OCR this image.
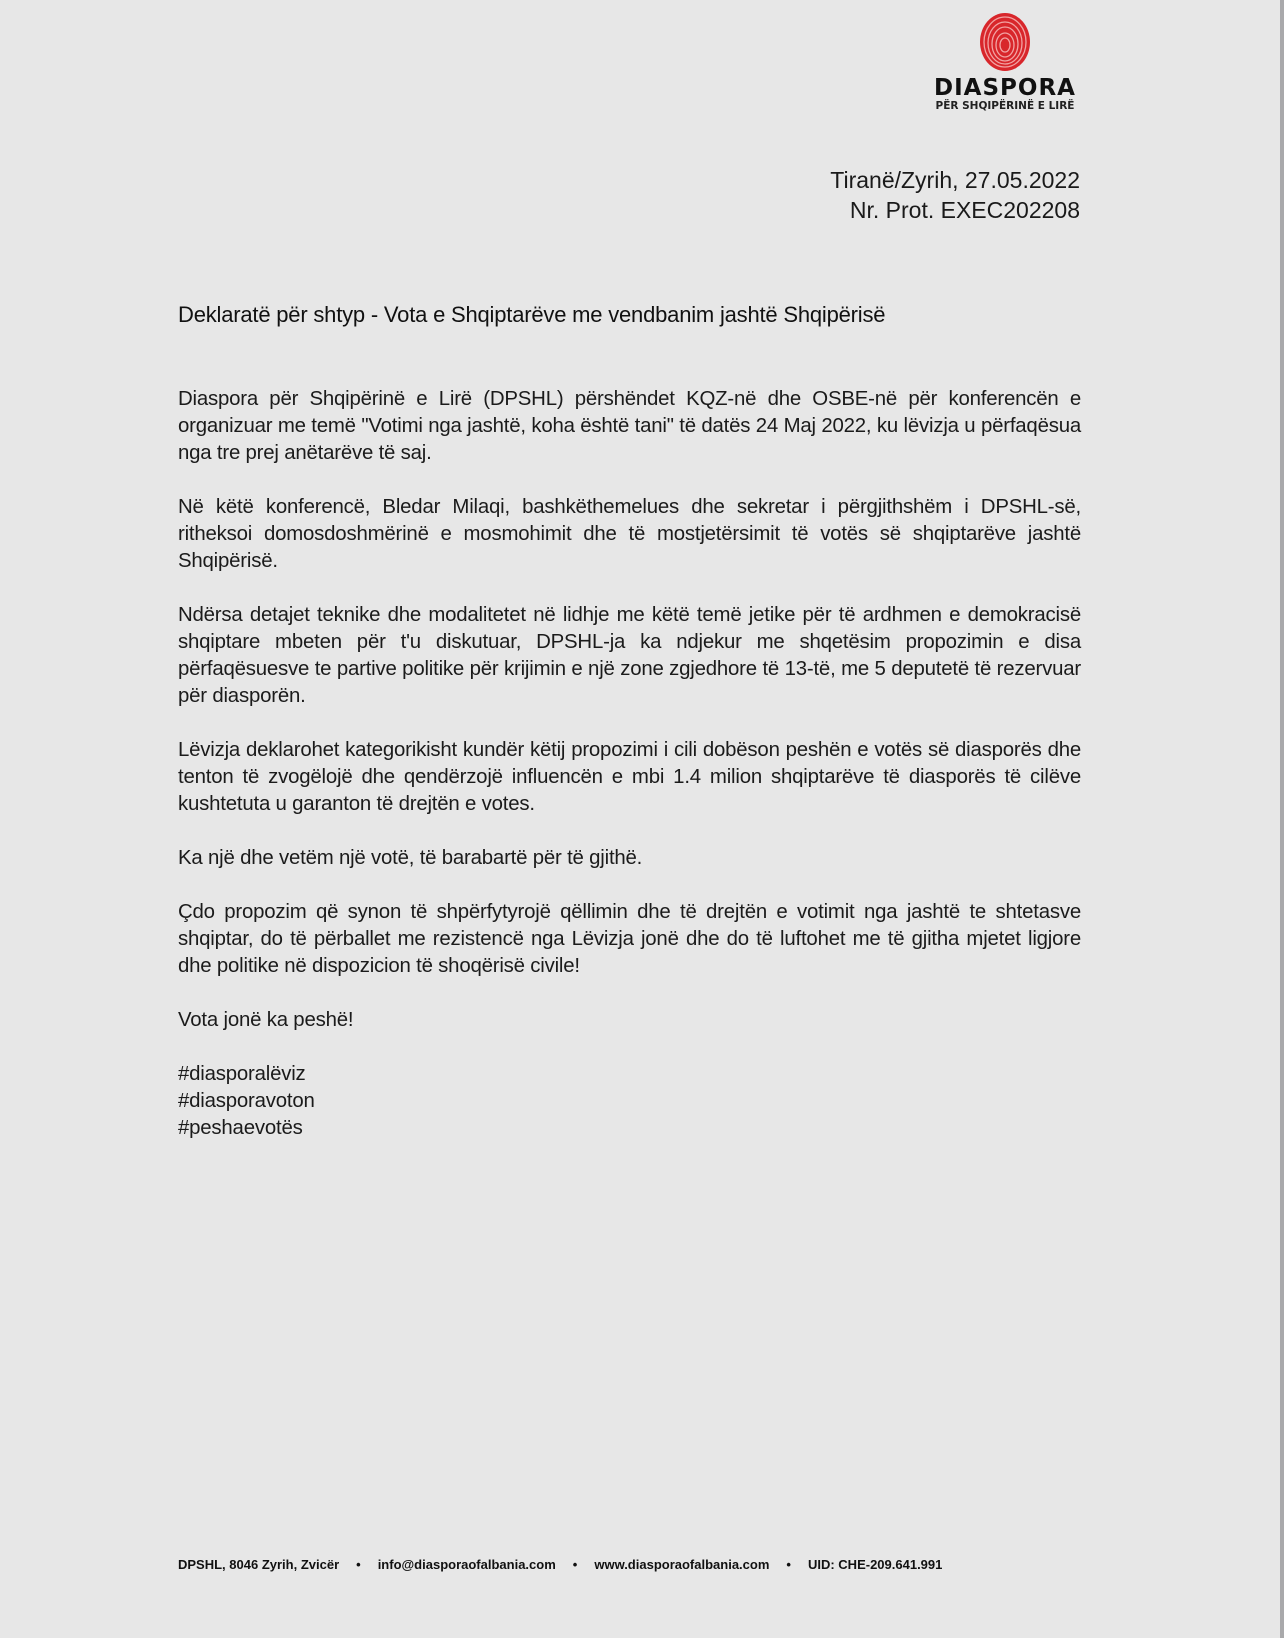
DIASPORA
PËR SHQIPËRINË E LIRË
Tiranë/Zyrih, 27.05.2022
Nr. Prot. EXEC202208
Deklaratë për shtyp - Vota e Shqiptarëve me vendbanim jashtë Shqipërisë

Diaspora për Shqipërinë e Lirë (DPSHL) përshëndet KQZ-në dhe OSBE-në për konferencën e organizuar me temë "Votimi nga jashtë, koha është tani" të datës 24 Maj 2022, ku lëvizja u përfaqësua nga tre prej anëtarëve të saj.

Në këtë konferencë, Bledar Milaqi, bashkëthemelues dhe sekretar i përgjithshëm i DPSHL-së, ritheksoi domosdoshmërinë e mosmohimit dhe të mostjetërsimit të votës së shqiptarëve jashtë Shqipërisë.

Ndërsa detajet teknike dhe modalitetet në lidhje me këtë temë jetike për të ardhmen e demokracisë shqiptare mbeten për t'u diskutuar, DPSHL-ja ka ndjekur me shqetësim propozimin e disa përfaqësuesve te partive politike për krijimin e një zone zgjedhore të 13-të, me 5 deputetë të rezervuar për diasporën.

Lëvizja deklarohet kategorikisht kundër këtij propozimi i cili dobëson peshën e votës së diasporës dhe tenton të zvogëlojë dhe qendërzojë influencën e mbi 1.4 milion shqiptarëve të diasporës të cilëve kushtetuta u garanton të drejtën e votes.

Ka një dhe vetëm një votë, të barabartë për të gjithë.

Çdo propozim që synon të shpërfytyrojë qëllimin dhe të drejtën e votimit nga jashtë te shtetasve shqiptar, do të përballet me rezistencë nga Lëvizja jonë dhe do të luftohet me të gjitha mjetet ligjore dhe politike në dispozicion të shoqërisë civile!

Vota jonë ka peshë!

#diasporalëviz
#diasporavoton
#peshaevotës
DPSHL, 8046 Zyrih, Zvicër • info@diasporaofalbania.com • www.diasporaofalbania.com • UID: CHE-209.641.991
